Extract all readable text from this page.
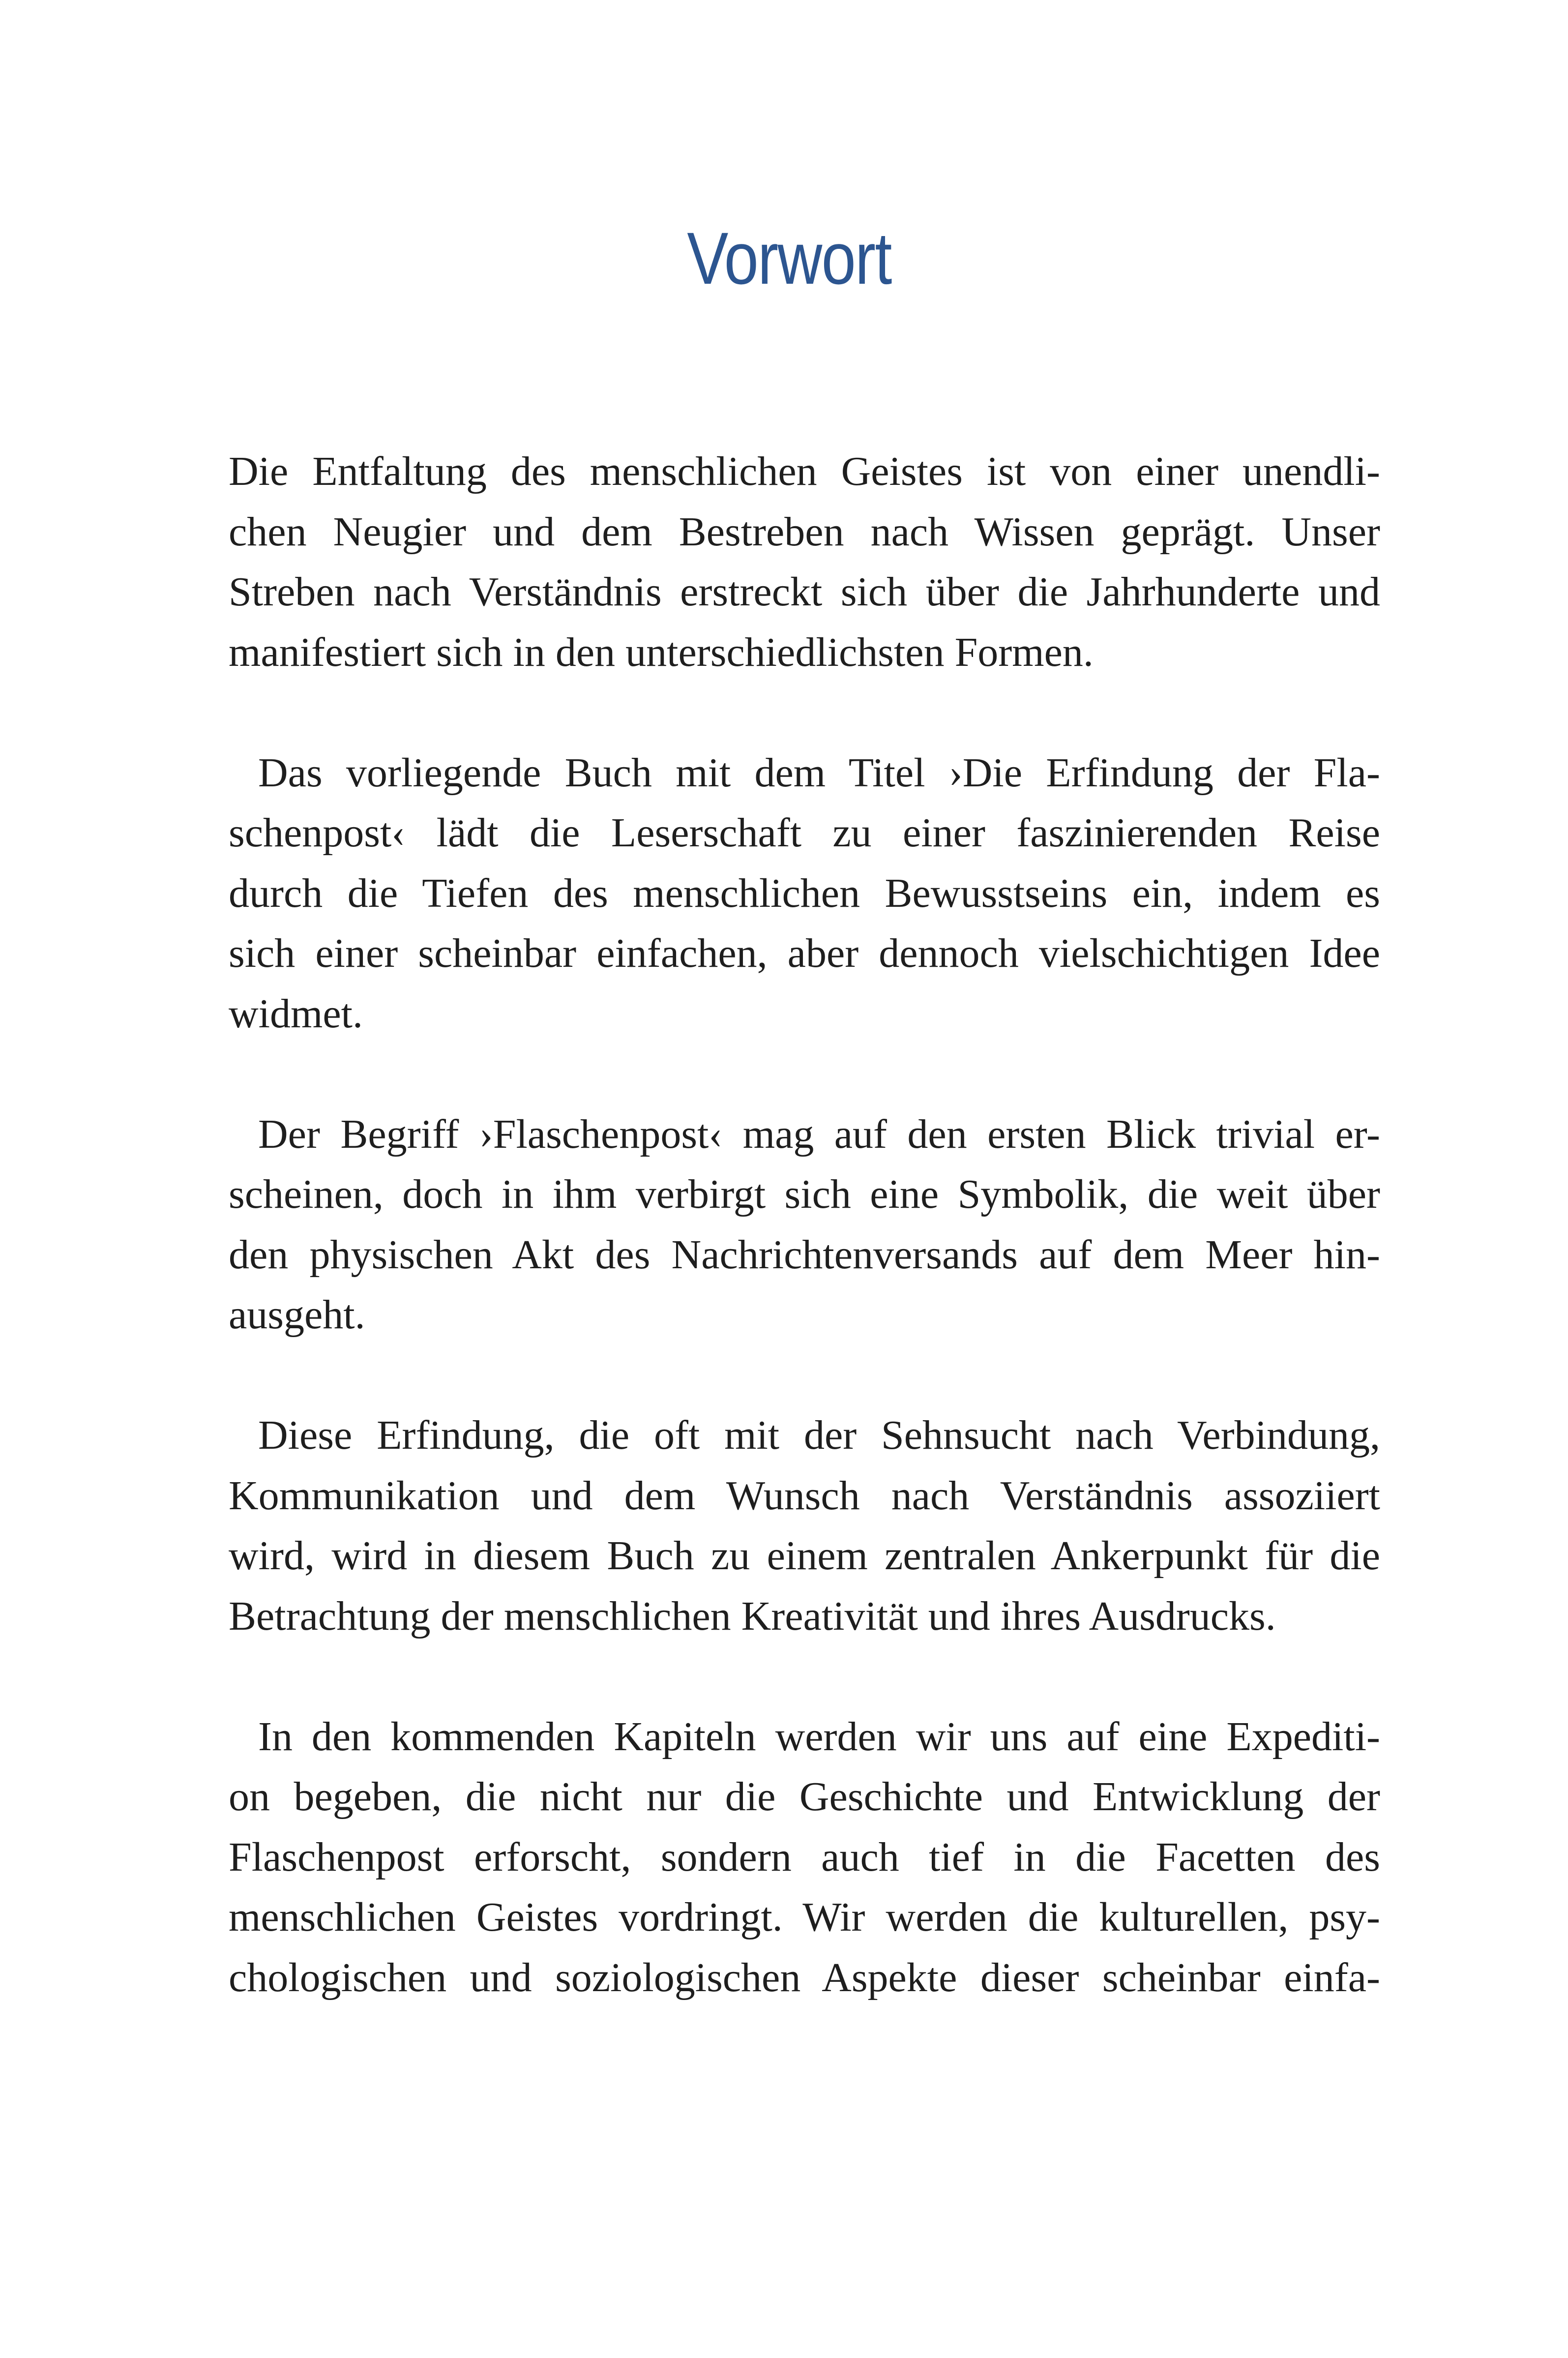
Vorwort
Die Entfaltung des menschlichen Geistes ist von einer unendli-
chen Neugier und dem Bestreben nach Wissen geprägt. Unser
Streben nach Verständnis erstreckt sich über die Jahrhunderte und
manifestiert sich in den unterschiedlichsten Formen.
Das vorliegende Buch mit dem Titel ›Die Erfindung der Fla-
schenpost‹ lädt die Leserschaft zu einer faszinierenden Reise
durch die Tiefen des menschlichen Bewusstseins ein, indem es
sich einer scheinbar einfachen, aber dennoch vielschichtigen Idee
widmet.
Der Begriff ›Flaschenpost‹ mag auf den ersten Blick trivial er-
scheinen, doch in ihm verbirgt sich eine Symbolik, die weit über
den physischen Akt des Nachrichtenversands auf dem Meer hin-
ausgeht.
Diese Erfindung, die oft mit der Sehnsucht nach Verbindung,
Kommunikation und dem Wunsch nach Verständnis assoziiert
wird, wird in diesem Buch zu einem zentralen Ankerpunkt für die
Betrachtung der menschlichen Kreativität und ihres Ausdrucks.
In den kommenden Kapiteln werden wir uns auf eine Expediti-
on begeben, die nicht nur die Geschichte und Entwicklung der
Flaschenpost erforscht, sondern auch tief in die Facetten des
menschlichen Geistes vordringt. Wir werden die kulturellen, psy-
chologischen und soziologischen Aspekte dieser scheinbar einfa-
